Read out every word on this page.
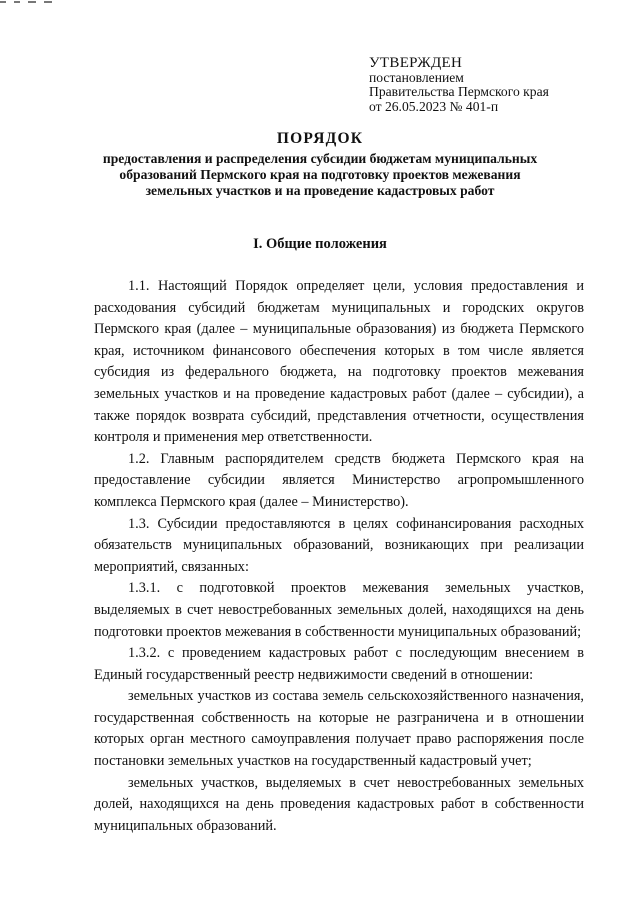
УТВЕРЖДЕН
постановлением
Правительства Пермского края
от 26.05.2023 № 401-п
ПОРЯДОК
предоставления и распределения субсидии бюджетам муниципальных
образований Пермского края на подготовку проектов межевания
земельных участков и на проведение кадастровых работ
I. Общие положения

1.1. Настоящий Порядок определяет цели, условия предоставления и расходования субсидий бюджетам муниципальных и городских округов Пермского края (далее – муниципальные образования) из бюджета Пермского края, источником финансового обеспечения которых в том числе является субсидия из федерального бюджета, на подготовку проектов межевания земельных участков и на проведение кадастровых работ (далее – субсидии), а также порядок возврата субсидий, представления отчетности, осуществления контроля и применения мер ответственности.

1.2. Главным распорядителем средств бюджета Пермского края на предоставление субсидии является Министерство агропромышленного комплекса Пермского края (далее – Министерство).

1.3. Субсидии предоставляются в целях софинансирования расходных обязательств муниципальных образований, возникающих при реализации мероприятий, связанных:

1.3.1. с подготовкой проектов межевания земельных участков, выделяемых в счет невостребованных земельных долей, находящихся на день подготовки проектов межевания в собственности муниципальных образований;

1.3.2. с проведением кадастровых работ с последующим внесением в Единый государственный реестр недвижимости сведений в отношении:

земельных участков из состава земель сельскохозяйственного назначения, государственная собственность на которые не разграничена и в отношении которых орган местного самоуправления получает право распоряжения после постановки земельных участков на государственный кадастровый учет;

земельных участков, выделяемых в счет невостребованных земельных долей, находящихся на день проведения кадастровых работ в собственности муниципальных образований.
